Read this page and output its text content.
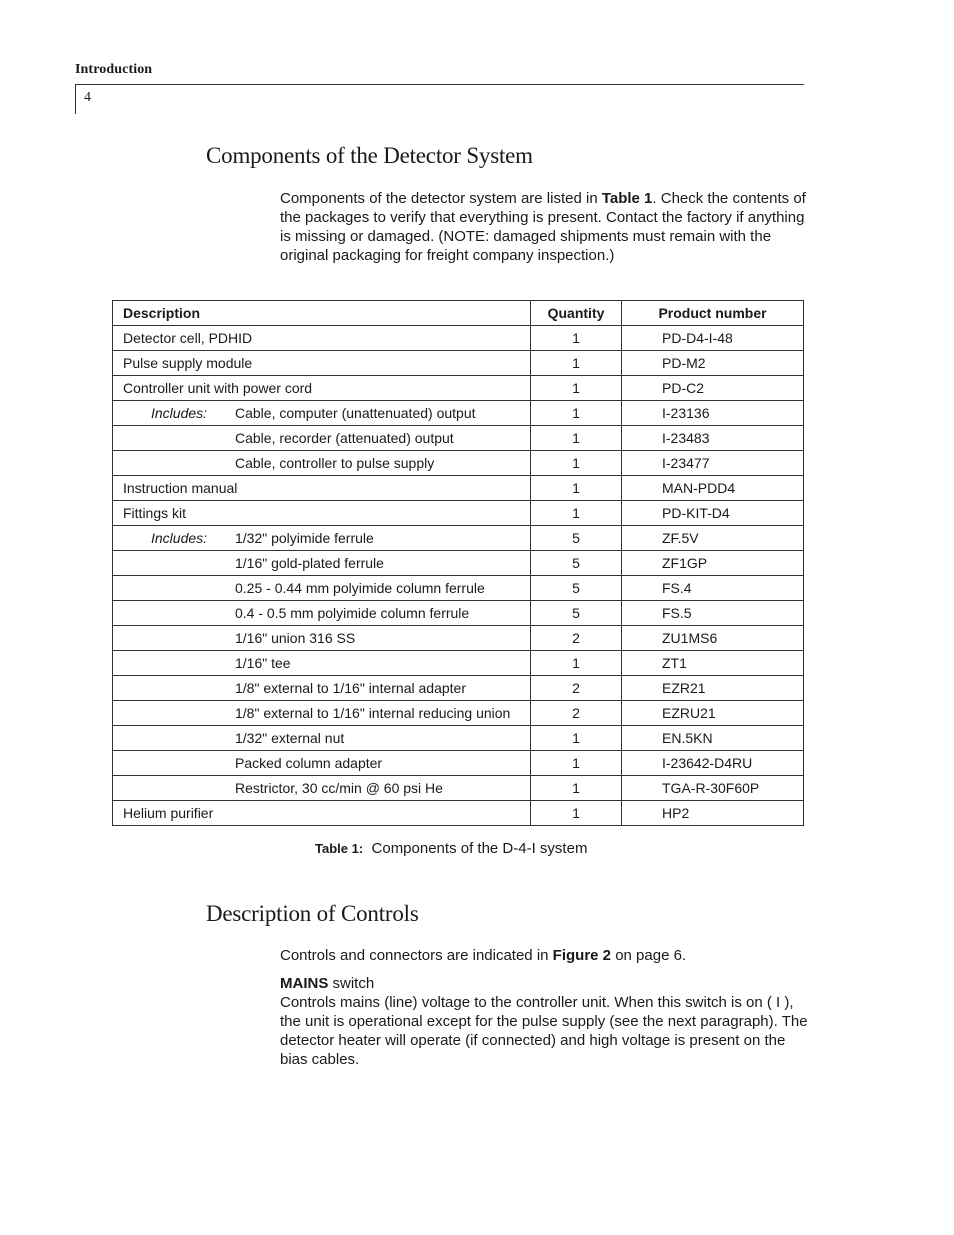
Introduction
4
Components of the Detector System

Components of the detector system are listed in Table 1. Check the contents of the packages to verify that everything is present. Contact the factory if anything is missing or damaged. (NOTE: damaged shipments must remain with the original packaging for freight company inspection.)

Description	Quantity	Product number
Detector cell, PDHID	1	PD-D4-I-48
Pulse supply module	1	PD-M2
Controller unit with power cord	1	PD-C2
Includes: Cable, computer (unattenuated) output	1	I-23136
Cable, recorder (attenuated) output	1	I-23483
Cable, controller to pulse supply	1	I-23477
Instruction manual	1	MAN-PDD4
Fittings kit	1	PD-KIT-D4
Includes: 1/32" polyimide ferrule	5	ZF.5V
1/16" gold-plated ferrule	5	ZF1GP
0.25 - 0.44 mm polyimide column ferrule	5	FS.4
0.4 - 0.5 mm polyimide column ferrule	5	FS.5
1/16" union 316 SS	2	ZU1MS6
1/16" tee	1	ZT1
1/8" external to 1/16" internal adapter	2	EZR21
1/8" external to 1/16" internal reducing union	2	EZRU21
1/32" external nut	1	EN.5KN
Packed column adapter	1	I-23642-D4RU
Restrictor, 30 cc/min @ 60 psi He	1	TGA-R-30F60P
Helium purifier	1	HP2
Table 1: Components of the D-4-I system
Description of Controls

Controls and connectors are indicated in Figure 2 on page 6.

MAINS switch
Controls mains (line) voltage to the controller unit. When this switch is on ( I ), the unit is operational except for the pulse supply (see the next paragraph). The detector heater will operate (if connected) and high voltage is present on the bias cables.
